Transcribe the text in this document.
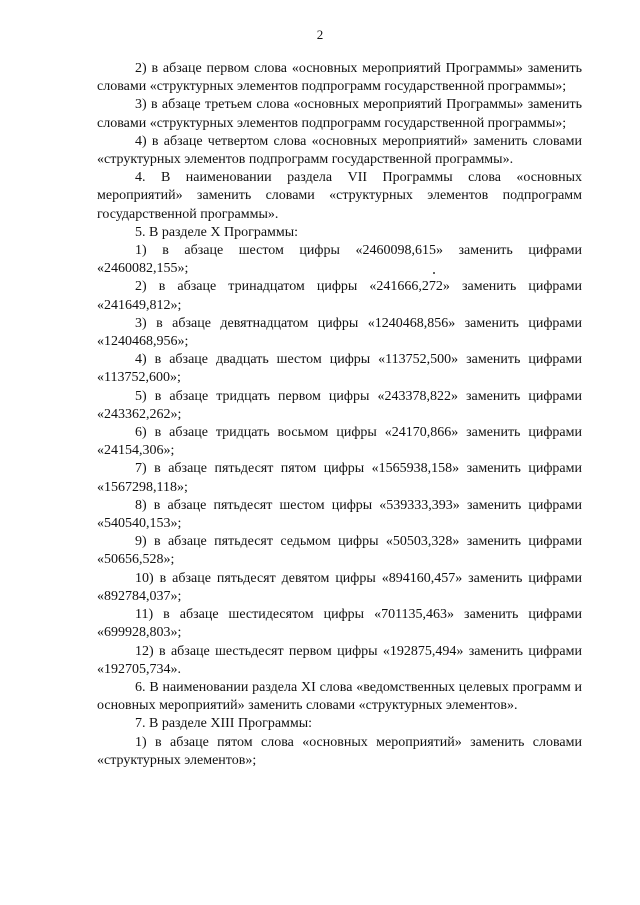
2

2) в абзаце первом слова «основных мероприятий Программы» заменить словами «структурных элементов подпрограмм государственной программы»;

3) в абзаце третьем слова «основных мероприятий Программы» заменить словами «структурных элементов подпрограмм государственной программы»;

4) в абзаце четвертом слова «основных мероприятий» заменить словами «структурных элементов подпрограмм государственной программы».

4. В наименовании раздела VII Программы слова «основных мероприятий» заменить словами «структурных элементов подпрограмм государственной программы».

5. В разделе X Программы:

1) в абзаце шестом цифры «2460098,615» заменить цифрами «2460082,155»;

2) в абзаце тринадцатом цифры «241666,272» заменить цифрами «241649,812»;

3) в абзаце девятнадцатом цифры «1240468,856» заменить цифрами «1240468,956»;

4) в абзаце двадцать шестом цифры «113752,500» заменить цифрами «113752,600»;

5) в абзаце тридцать первом цифры «243378,822» заменить цифрами «243362,262»;

6) в абзаце тридцать восьмом цифры «24170,866» заменить цифрами «24154,306»;

7) в абзаце пятьдесят пятом цифры «1565938,158» заменить цифрами «1567298,118»;

8) в абзаце пятьдесят шестом цифры «539333,393» заменить цифрами «540540,153»;

9) в абзаце пятьдесят седьмом цифры «50503,328» заменить цифрами «50656,528»;

10) в абзаце пятьдесят девятом цифры «894160,457» заменить цифрами «892784,037»;

11) в абзаце шестидесятом цифры «701135,463» заменить цифрами «699928,803»;

12) в абзаце шестьдесят первом цифры «192875,494» заменить цифрами «192705,734».

6. В наименовании раздела XI слова «ведомственных целевых программ и основных мероприятий» заменить словами «структурных элементов».

7. В разделе XIII Программы:

1) в абзаце пятом слова «основных мероприятий» заменить словами «структурных элементов»;
